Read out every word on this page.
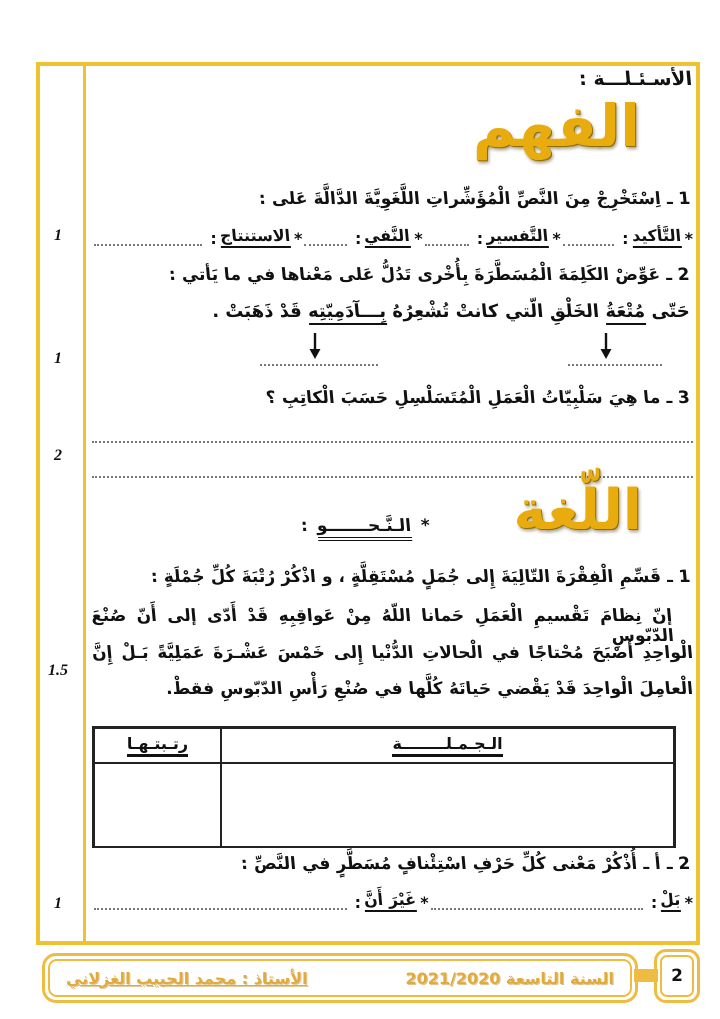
1
1
2
1.5
1
الأسـئـلـــة :
الفهم
1 ـ اِسْتَخْرِجْ مِنَ النَّصِّ الْمُؤَشِّراتِ اللَّغَوِيَّةَ الدَّالَّةَ عَلى :
*
التَّأكيد
:
*
التَّفسير
:
*
النَّفي
:
*
الاستنتاج
:
2 ـ عَوِّضْ الكَلِمَةَ الْمُسَطَّرَةَ بِأُخْرى تَدُلُّ عَلى مَعْناها في ما يَأتي :
حَتّى مُتْعَةُ الخَلْقِ الّتي كانتْ تُشْعِرُهُ بِـــآدَمِيّتِه قَدْ ذَهَبَتْ .
3 ـ ما هِيَ سَلْبِيّاتُ الْعَمَلِ الْمُتَسَلْسِلِ حَسَبَ الْكاتِبِ ؟
اللّغة
* الـنَّـحـــــــو :
1 ـ قَسِّمِ الْفِقْرَةَ التّالِيَةَ إِلى جُمَلٍ مُسْتَقِلَّةٍ ، و اذْكُرْ رُتْبَةَ كُلِّ جُمْلَةٍ :
إنّ نِظامَ تَقْسيمِ الْعَمَلِ حَمانا اللّهُ مِنْ عَواقِبِهِ قَدْ أَدّى إلى أَنّ صُنْعَ الدّبّوسِ
الْواحِدِ أَصْبَحَ مُحْتاجًا في الْحالاتِ الدُّنْيا إِلى خَمْسَ عَشْـرَةَ عَمَلِيَّةً بَـلْ إِنَّ
الْعامِلَ الْواحِدَ قَدْ يَقْضي حَياتَهُ كُلَّها في صُنْعِ رَأْسِ الدّبّوسِ فقطْ.
الـجـمـلــــــــة
رتـبتـهـا
2 ـ أ ـ أُذْكُرْ مَعْنى كُلِّ حَرْفِ اسْتِئْنافٍ مُسَطَّرٍ في النَّصِّ :
*
بَلْ
:
*
غَيْرَ أَنَّ
:
السنة التاسعة 2021/2020
الأستاذ : محمد الحبيب الغزلاني	2
